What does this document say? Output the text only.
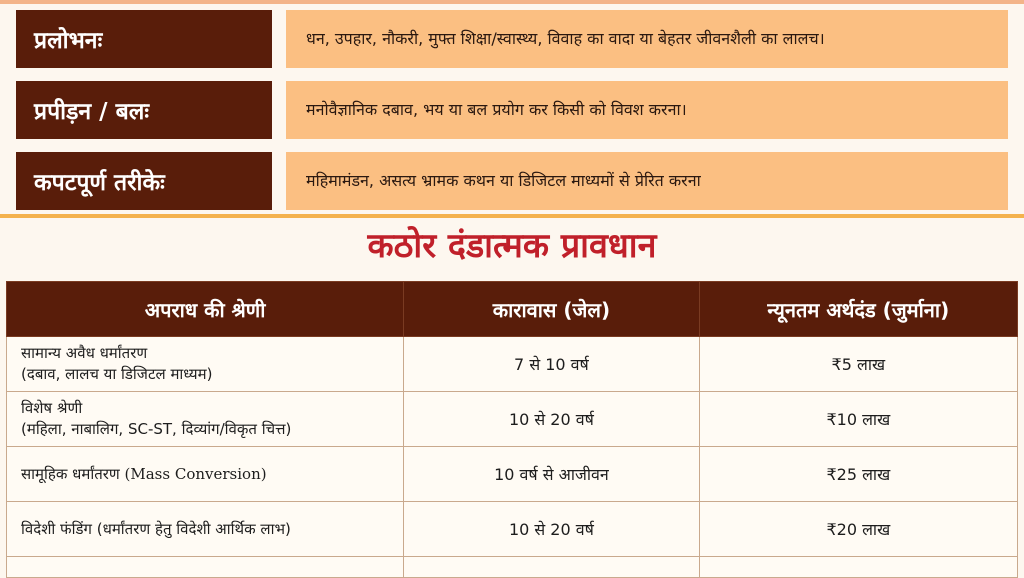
प्रलोभनः	धन, उपहार, नौकरी, मुफ्त शिक्षा/स्वास्थ्य, विवाह का वादा या बेहतर जीवनशैली का लालच।
प्रपीड़न / बलः	मनोवैज्ञानिक दबाव, भय या बल प्रयोग कर किसी को विवश करना।
कपटपूर्ण तरीकेः	महिमामंडन, असत्य भ्रामक कथन या डिजिटल माध्यमों से प्रेरित करना
कठोर दंडात्मक प्रावधान
अपराध की श्रेणी	कारावास (जेल)	न्यूनतम अर्थदंड (जुर्माना)

सामान्य अवैध धर्मांतरण
(दबाव, लालच या डिजिटल माध्यम)	7 से 10 वर्ष	₹5 लाख

विशेष श्रेणी
(महिला, नाबालिग, SC-ST, दिव्यांग/विकृत चित्त)	10 से 20 वर्ष	₹10 लाख
सामूहिक धर्मांतरण (Mass Conversion)	10 वर्ष से आजीवन	₹25 लाख
विदेशी फंडिंग (धर्मांतरण हेतु विदेशी आर्थिक लाभ)	10 से 20 वर्ष	₹20 लाख
